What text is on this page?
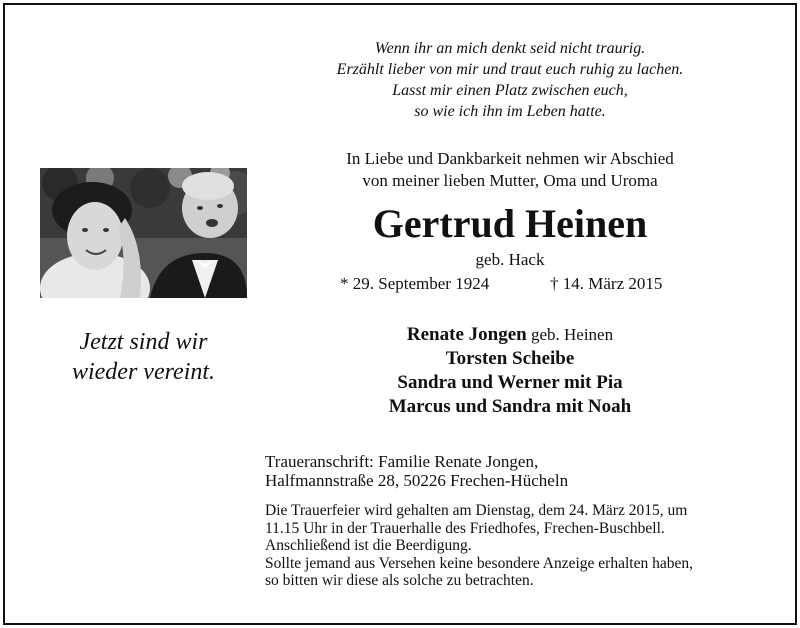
Wenn ihr an mich denkt seid nicht traurig.
Erzählt lieber von mir und traut euch ruhig zu lachen.
Lasst mir einen Platz zwischen euch,
so wie ich ihn im Leben hatte.
In Liebe und Dankbarkeit nehmen wir Abschied
von meiner lieben Mutter, Oma und Uroma
Gertrud Heinen
geb. Hack
* 29. September 1924	† 14. März 2015
Jetzt sind wir
wieder vereint.
Renate Jongen geb. Heinen
Torsten Scheibe
Sandra und Werner mit Pia
Marcus und Sandra mit Noah
Traueranschrift: Familie Renate Jongen,
Halfmannstraße 28, 50226 Frechen-Hücheln
Die Trauerfeier wird gehalten am Dienstag, dem 24. März 2015, um
11.15 Uhr in der Trauerhalle des Friedhofes, Frechen-Buschbell.
Anschließend ist die Beerdigung.
Sollte jemand aus Versehen keine besondere Anzeige erhalten haben,
so bitten wir diese als solche zu betrachten.
